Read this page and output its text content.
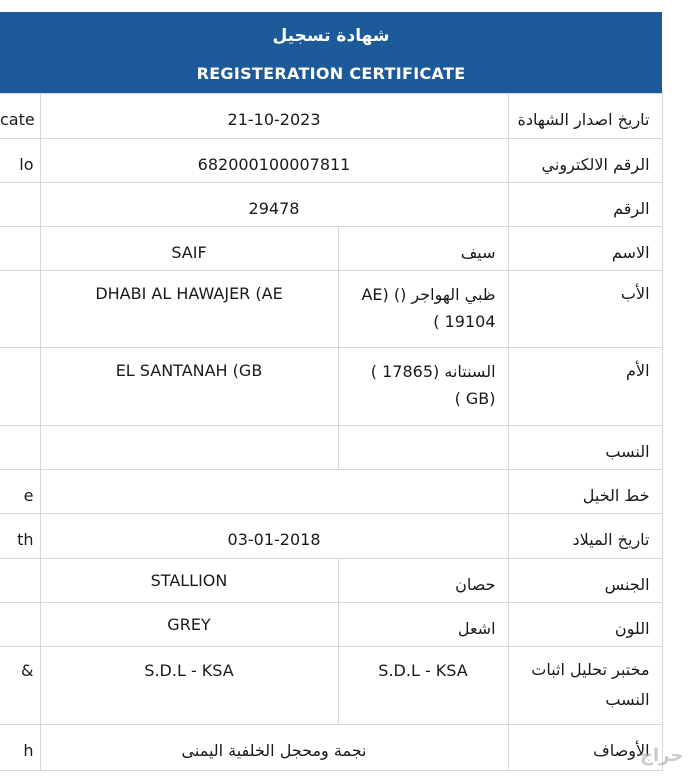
شهادة تسجيل
REGISTERATION CERTIFICATE
cate	21-10-2023		تاريخ اصدار الشهادة
lo	682000100007811		الرقم الالكتروني
	29478		الرقم
	SAIF	سيف	الاسم
	DHABI AL HAWAJER (AE	ظبي الهواجر () (AE 19104 )	الأب
	EL SANTANAH (GB	السنتانه (17865 ) (GB )	الأم
			النسب
e			خط الخيل
th	03-01-2018		تاريخ الميلاد
	STALLION	حصان	الجنس
	GREY	اشعل	اللون
&	S.D.L - KSA	S.D.L - KSA	مختبر تحليل اثبات النسب
h	نجمة ومحجل الخلفية اليمنى		الأوصاف
حراج
